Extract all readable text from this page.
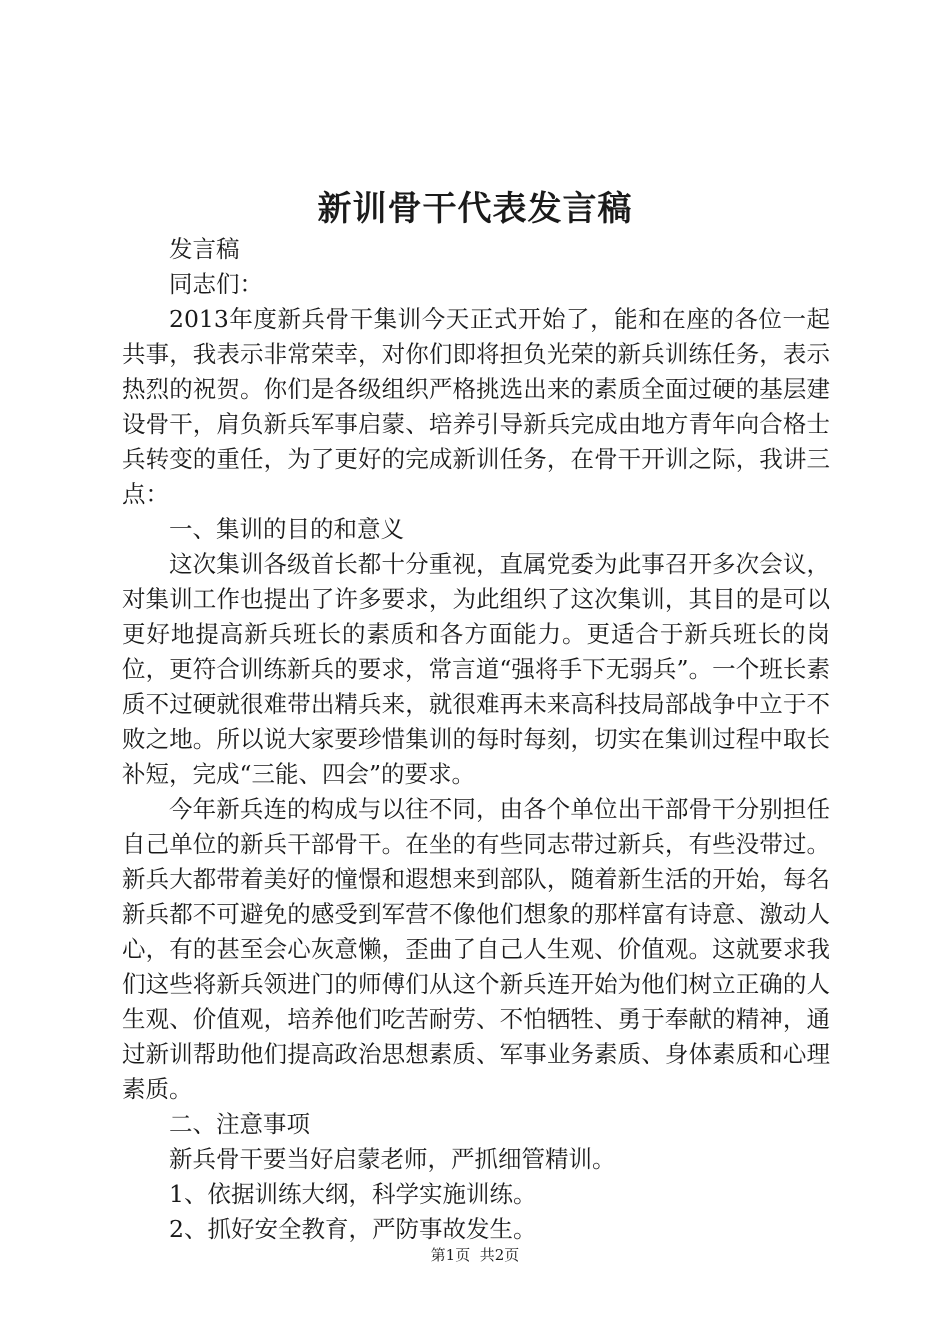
新训骨干代表发言稿

发言稿

同志们：

2013年度新兵骨干集训今天正式开始了，能和在座的各位一起共事，我表示非常荣幸，对你们即将担负光荣的新兵训练任务，表示热烈的祝贺。你们是各级组织严格挑选出来的素质全面过硬的基层建设骨干，肩负新兵军事启蒙、培养引导新兵完成由地方青年向合格士兵转变的重任，为了更好的完成新训任务，在骨干开训之际，我讲三点：

一、集训的目的和意义

这次集训各级首长都十分重视，直属党委为此事召开多次会议，对集训工作也提出了许多要求，为此组织了这次集训，其目的是可以更好地提高新兵班长的素质和各方面能力。更适合于新兵班长的岗位，更符合训练新兵的要求，常言道“强将手下无弱兵”。一个班长素质不过硬就很难带出精兵来，就很难再未来高科技局部战争中立于不败之地。所以说大家要珍惜集训的每时每刻，切实在集训过程中取长补短，完成“三能、四会”的要求。

今年新兵连的构成与以往不同，由各个单位出干部骨干分别担任自己单位的新兵干部骨干。在坐的有些同志带过新兵，有些没带过。新兵大都带着美好的憧憬和遐想来到部队，随着新生活的开始，每名新兵都不可避免的感受到军营不像他们想象的那样富有诗意、激动人心，有的甚至会心灰意懒，歪曲了自己人生观、价值观。这就要求我们这些将新兵领进门的师傅们从这个新兵连开始为他们树立正确的人生观、价值观，培养他们吃苦耐劳、不怕牺牲、勇于奉献的精神，通过新训帮助他们提高政治思想素质、军事业务素质、身体素质和心理素质。

二、注意事项

新兵骨干要当好启蒙老师，严抓细管精训。

1、依据训练大纲，科学实施训练。

2、抓好安全教育，严防事故发生。

第1页 共2页
